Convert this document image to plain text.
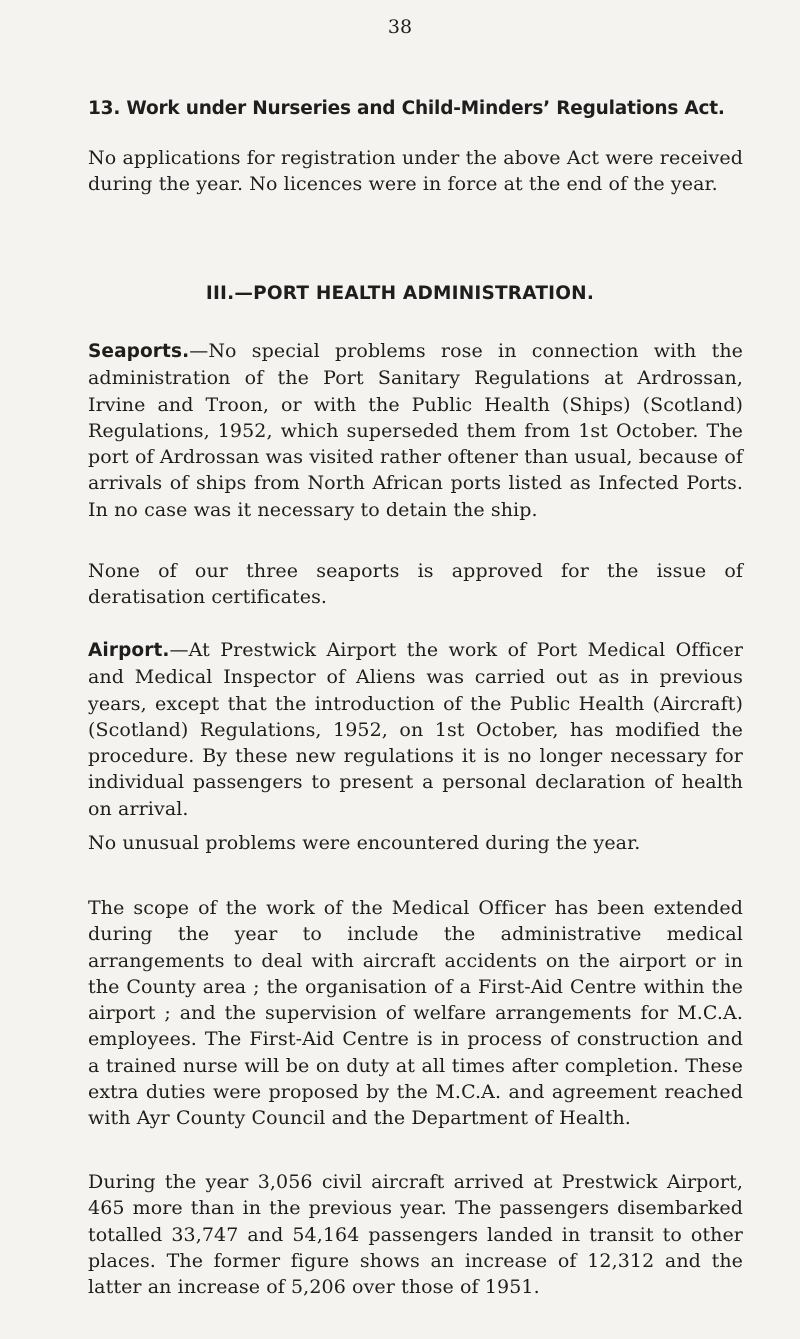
38
13. Work under Nurseries and Child-Minders’ Regulations Act.

No applications for registration under the above Act were received during the year. No licences were in force at the end of the year.

III.—PORT HEALTH ADMINISTRATION.

Seaports.—No special problems rose in connection with the administration of the Port Sanitary Regulations at Ardrossan, Irvine and Troon, or with the Public Health (Ships) (Scotland) Regulations, 1952, which superseded them from 1st October. The port of Ardrossan was visited rather oftener than usual, because of arrivals of ships from North African ports listed as Infected Ports. In no case was it necessary to detain the ship.

None of our three seaports is approved for the issue of deratisation certificates.

Airport.—At Prestwick Airport the work of Port Medical Officer and Medical Inspector of Aliens was carried out as in previous years, except that the introduction of the Public Health (Aircraft) (Scotland) Regulations, 1952, on 1st October, has modified the procedure. By these new regulations it is no longer necessary for individual passengers to present a personal declaration of health on arrival.

No unusual problems were encountered during the year.

The scope of the work of the Medical Officer has been extended during the year to include the administrative medical arrangements to deal with aircraft accidents on the airport or in the County area ; the organisation of a First-Aid Centre within the airport ; and the supervision of welfare arrangements for M.C.A. employees. The First-Aid Centre is in process of construction and a trained nurse will be on duty at all times after completion. These extra duties were proposed by the M.C.A. and agreement reached with Ayr County Council and the Department of Health.

During the year 3,056 civil aircraft arrived at Prestwick Airport, 465 more than in the previous year. The passengers disembarked totalled 33,747 and 54,164 passengers landed in transit to other places. The former figure shows an increase of 12,312 and the latter an increase of 5,206 over those of 1951.
